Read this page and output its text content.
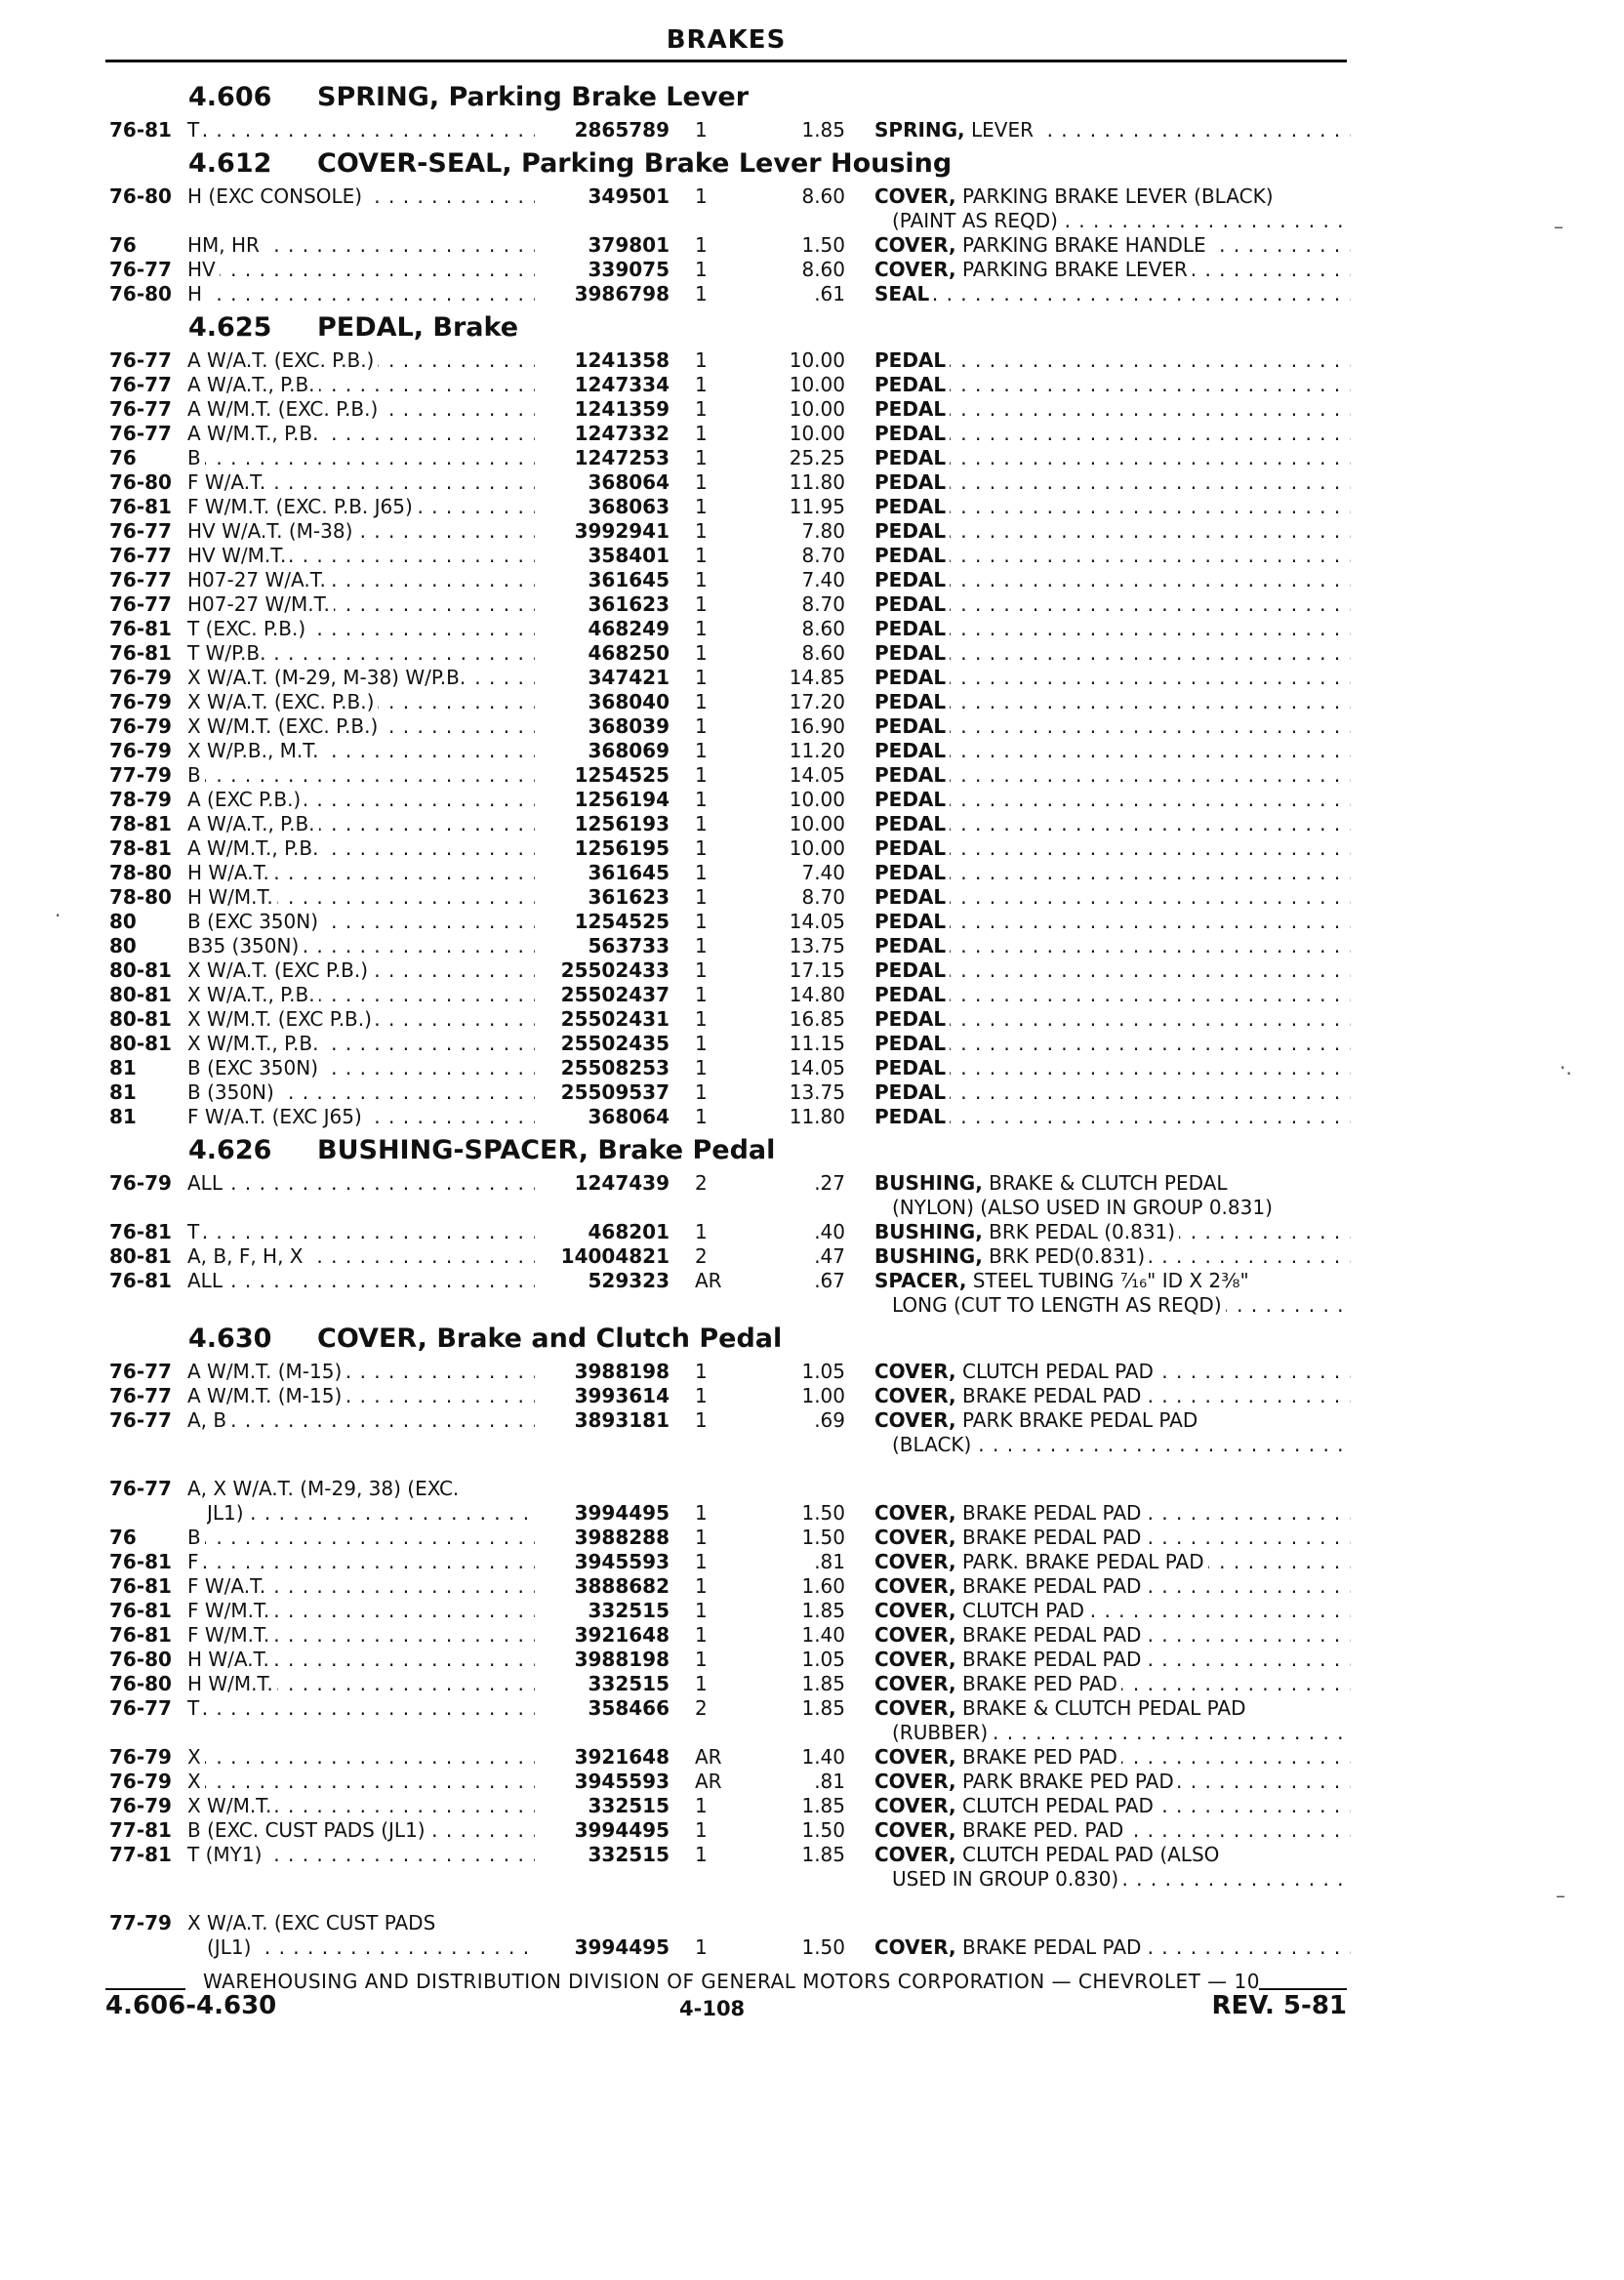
BRAKES
4.606 SPRING, Parking Brake Lever
76-81 T . . .	2865789 1	1.85 SPRING, LEVER . . .
4.612 COVER-SEAL, Parking Brake Lever Housing
76-80 H (EXC CONSOLE) . . .	349501 1	8.60 COVER, PARKING BRAKE LEVER (BLACK)
(PAINT AS REQD) . . .
76	HM, HR . . .	379801 1	1.50 COVER, PARKING BRAKE HANDLE . . .
76-77 HV . . .	339075 1	8.60 COVER, PARKING BRAKE LEVER . . .
76-80 H . . .	3986798 1	.61 SEAL . . .
4.625 PEDAL, Brake
76-77 A W/A.T. (EXC. P.B.) . . .	1241358 1	10.00 PEDAL . . .
76-77 A W/A.T., P.B. . . .	1247334 1	10.00 PEDAL . . .
76-77 A W/M.T. (EXC. P.B.) . . .	1241359 1	10.00 PEDAL . . .
76-77 A W/M.T., P.B. . . .	1247332 1	10.00 PEDAL . . .
76	B . . .	1247253 1	25.25 PEDAL . . .
76-80 F W/A.T. . . .	368064 1	11.80 PEDAL . . .
76-81 F W/M.T. (EXC. P.B. J65) . . .	368063 1	11.95 PEDAL . . .
76-77 HV W/A.T. (M-38) . . .	3992941 1	7.80 PEDAL . . .
76-77 HV W/M.T. . . .	358401 1	8.70 PEDAL . . .
76-77 H07-27 W/A.T. . . .	361645 1	7.40 PEDAL . . .
76-77 H07-27 W/M.T. . . .	361623 1	8.70 PEDAL . . .
76-81 T (EXC. P.B.) . . .	468249 1	8.60 PEDAL . . .
76-81 T W/P.B. . . .	468250 1	8.60 PEDAL . . .
76-79 X W/A.T. (M-29, M-38) W/P.B. . . .	347421 1	14.85 PEDAL . . .
76-79 X W/A.T. (EXC. P.B.) . . .	368040 1	17.20 PEDAL . . .
76-79 X W/M.T. (EXC. P.B.) . . .	368039 1	16.90 PEDAL . . .
76-79 X W/P.B., M.T. . . .	368069 1	11.20 PEDAL . . .
77-79 B . . .	1254525 1	14.05 PEDAL . . .
78-79 A (EXC P.B.) . . .	1256194 1	10.00 PEDAL . . .
78-81 A W/A.T., P.B. . . .	1256193 1	10.00 PEDAL . . .
78-81 A W/M.T., P.B. . . .	1256195 1	10.00 PEDAL . . .
78-80 H W/A.T. . . .	361645 1	7.40 PEDAL . . .
78-80 H W/M.T. . . .	361623 1	8.70 PEDAL . . .
80	B (EXC 350N) . . .	1254525 1	14.05 PEDAL . . .
80	B35 (350N) . . .	563733 1	13.75 PEDAL . . .
80-81 X W/A.T. (EXC P.B.) . . .	25502433 1	17.15 PEDAL . . .
80-81 X W/A.T., P.B. . . .	25502437 1	14.80 PEDAL . . .
80-81 X W/M.T. (EXC P.B.) . . .	25502431 1	16.85 PEDAL . . .
80-81 X W/M.T., P.B. . . .	25502435 1	11.15 PEDAL . . .
81	B (EXC 350N) . . .	25508253 1	14.05 PEDAL . . .
81	B (350N) . . .	25509537 1	13.75 PEDAL . . .
81	F W/A.T. (EXC J65) . . .	368064 1	11.80 PEDAL . . .
4.626 BUSHING-SPACER, Brake Pedal
76-79 ALL . . .	1247439 2	.27 BUSHING, BRAKE & CLUTCH PEDAL
(NYLON) (ALSO USED IN GROUP 0.831)
76-81 T . . .	468201 1	.40 BUSHING, BRK PEDAL (0.831) . . .
80-81 A, B, F, H, X . . .	14004821 2	.47 BUSHING, BRK PED(0.831) . . .
76-81 ALL . . .	529323 AR	.67 SPACER, STEEL TUBING ⁷⁄₁₆" ID X 2³⁄₈"
LONG (CUT TO LENGTH AS REQD) . . .
4.630 COVER, Brake and Clutch Pedal
76-77 A W/M.T. (M-15) . . .	3988198 1	1.05 COVER, CLUTCH PEDAL PAD . . .
76-77 A W/M.T. (M-15) . . .	3993614 1	1.00 COVER, BRAKE PEDAL PAD . . .
76-77 A, B . . .	3893181 1	.69 COVER, PARK BRAKE PEDAL PAD
(BLACK) . . .
76-77 A, X W/A.T. (M-29, 38) (EXC.
JL1) . . .	3994495 1	1.50 COVER, BRAKE PEDAL PAD . . .
76	B . . .	3988288 1	1.50 COVER, BRAKE PEDAL PAD . . .
76-81 F . . .	3945593 1	.81 COVER, PARK. BRAKE PEDAL PAD . . .
76-81 F W/A.T. . . .	3888682 1	1.60 COVER, BRAKE PEDAL PAD . . .
76-81 F W/M.T. . . .	332515 1	1.85 COVER, CLUTCH PAD . . .
76-81 F W/M.T. . . .	3921648 1	1.40 COVER, BRAKE PEDAL PAD . . .
76-80 H W/A.T. . . .	3988198 1	1.05 COVER, BRAKE PEDAL PAD . . .
76-80 H W/M.T. . . .	332515 1	1.85 COVER, BRAKE PED PAD . . .
76-77 T . . .	358466 2	1.85 COVER, BRAKE & CLUTCH PEDAL PAD
(RUBBER) . . .
76-79 X . . .	3921648 AR	1.40 COVER, BRAKE PED PAD . . .
76-79 X . . .	3945593 AR	.81 COVER, PARK BRAKE PED PAD . . .
76-79 X W/M.T. . . .	332515 1	1.85 COVER, CLUTCH PEDAL PAD . . .
77-81 B (EXC. CUST PADS (JL1) . . .	3994495 1	1.50 COVER, BRAKE PED. PAD . . .
77-81 T (MY1) . . .	332515 1	1.85 COVER, CLUTCH PEDAL PAD (ALSO
USED IN GROUP 0.830) . . .
77-79 X W/A.T. (EXC CUST PADS
(JL1) . . .	3994495 1	1.50 COVER, BRAKE PEDAL PAD . . .
WAREHOUSING AND DISTRIBUTION DIVISION OF GENERAL MOTORS CORPORATION — CHEVROLET — 10
4.606-4.630	4-108	REV. 5-81
–
·
·.
–
